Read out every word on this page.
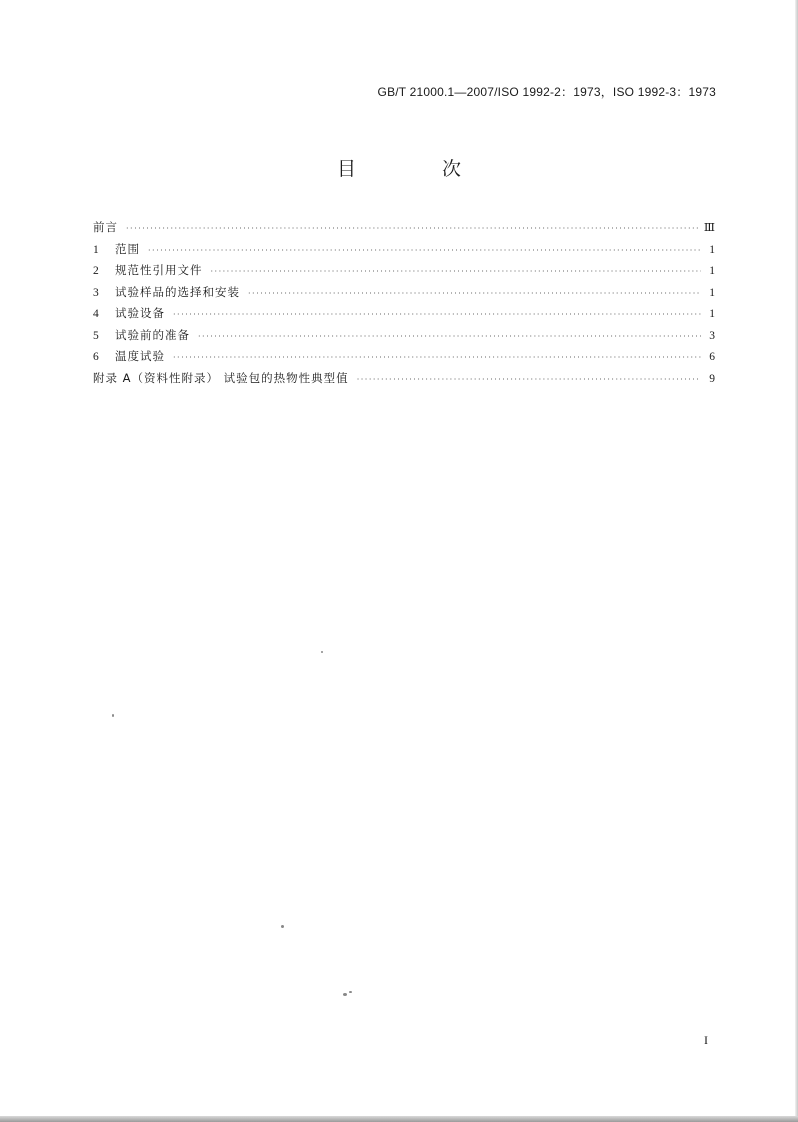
GB/T 21000.1—2007/ISO 1992-2：1973，ISO 1992-3：1973
目 次
前言 ·····	Ⅲ
1	范围 ·····	1
2	规范性引用文件 ·····	1
3	试验样品的选择和安装 ·····	1
4	试验设备 ·····	1
5	试验前的准备 ·····	3
6	温度试验 ·····	6
附录 A（资料性附录） 试验包的热物性典型值 ·····	9
I
